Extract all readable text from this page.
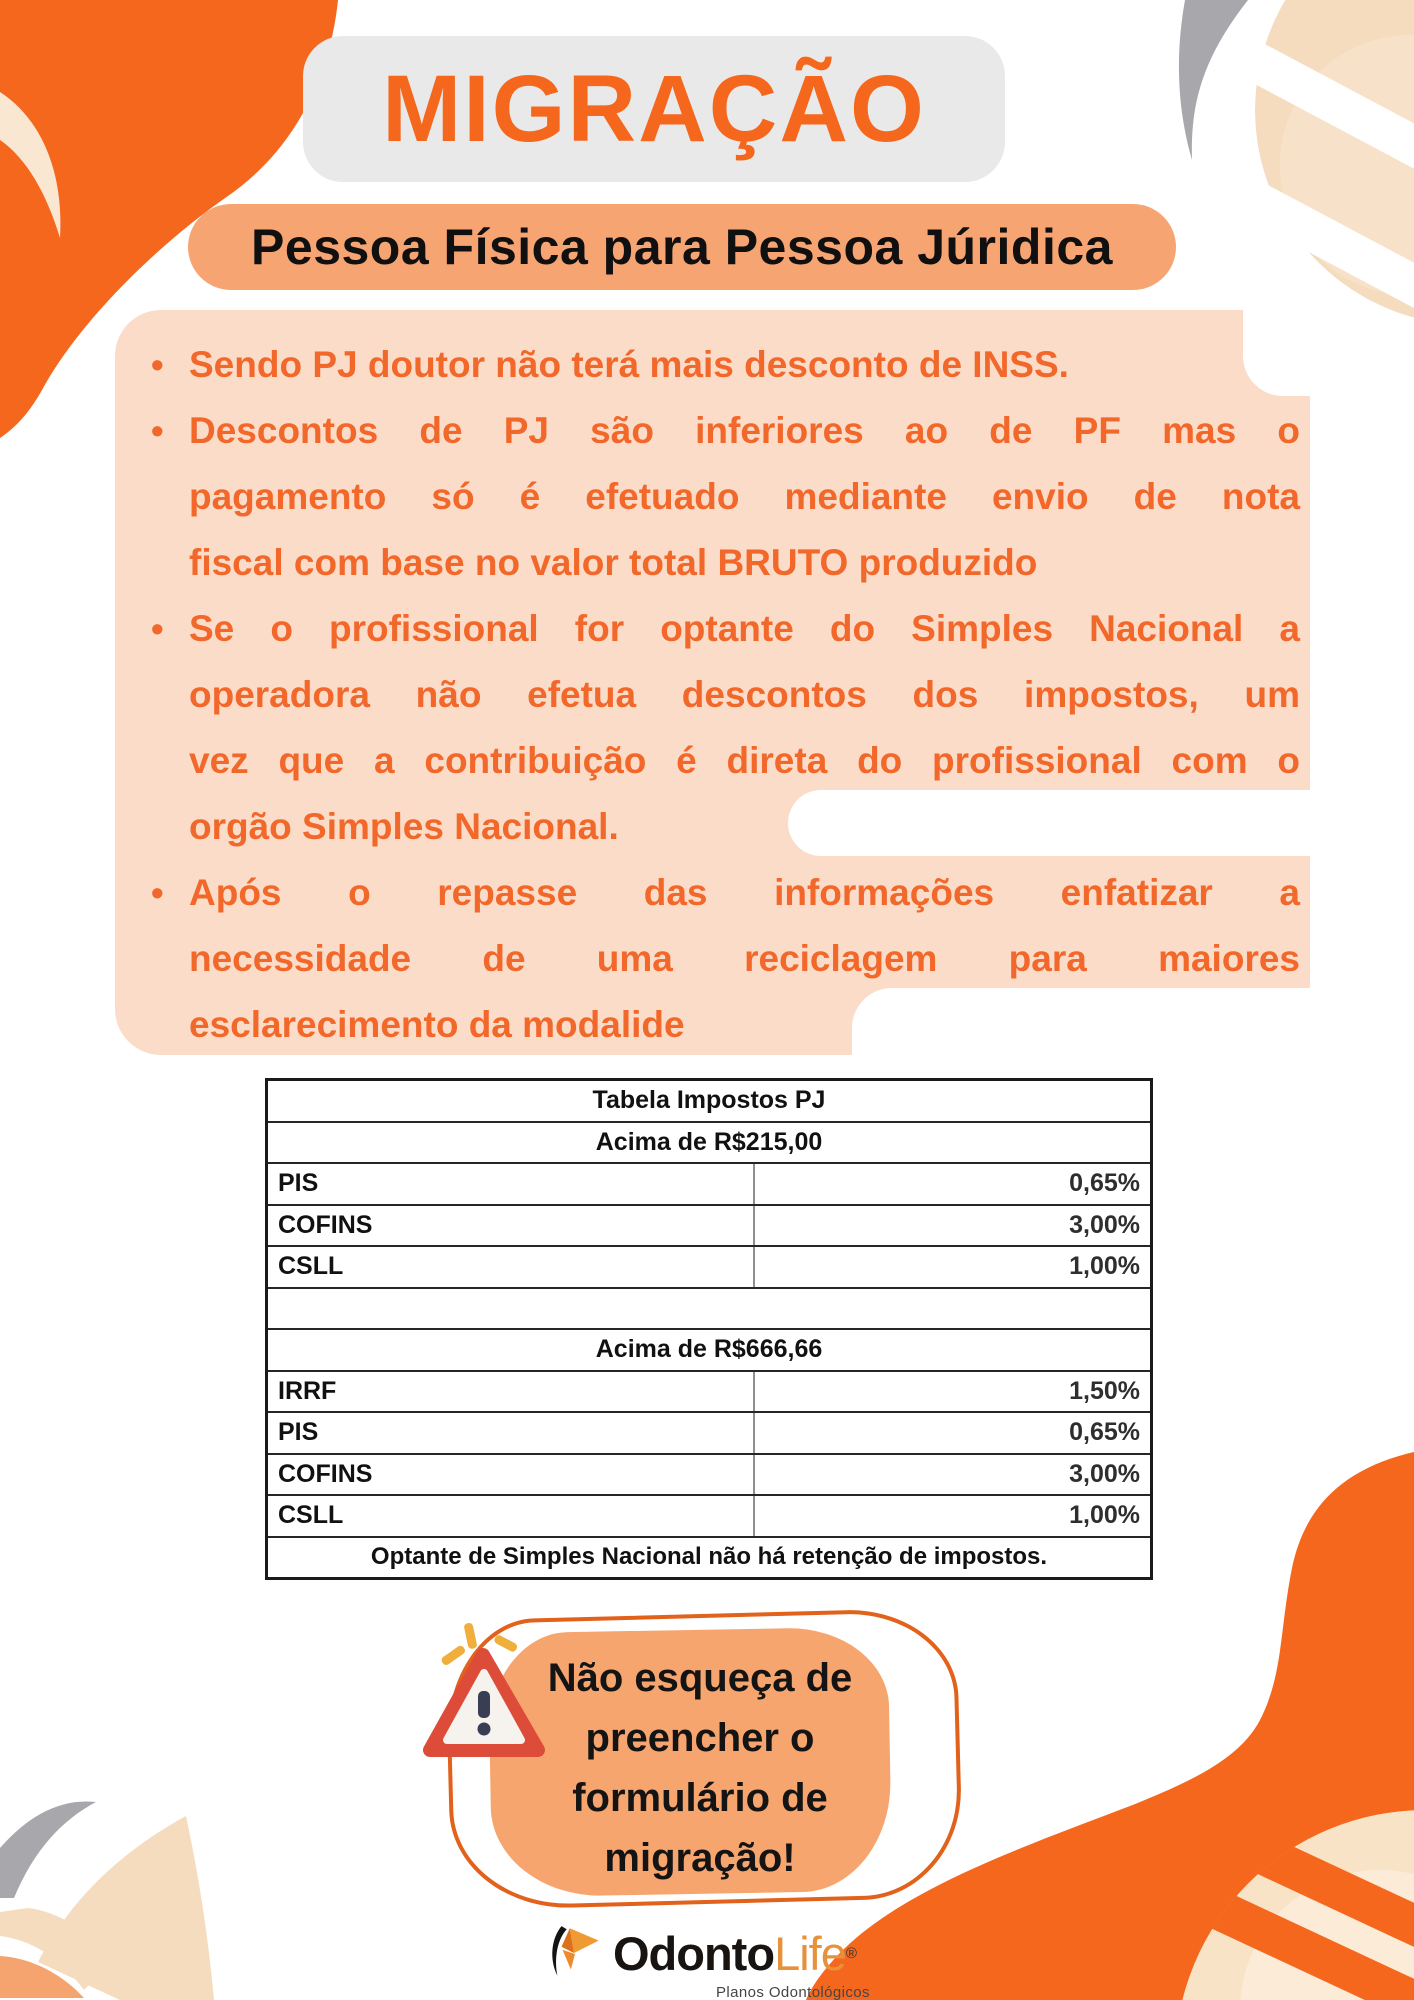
MIGRAÇÃO
Pessoa Física para Pessoa Júridica
• Sendo PJ doutor não terá mais desconto de INSS.
• Descontos de PJ são inferiores ao de PF mas o
pagamento só é efetuado mediante envio de nota
fiscal com base no valor total BRUTO produzido
• Se o profissional for optante do Simples Nacional a
operadora não efetua descontos dos impostos, um
vez que a contribuição é direta do profissional com o
orgão Simples Nacional.
• Após o repasse das informações enfatizar a
necessidade de uma reciclagem para maiores
esclarecimento da modalide
Tabela Impostos PJ
Acima de R$215,00
PIS	0,65%
COFINS	3,00%
CSLL	1,00%
Acima de R$666,66
IRRF	1,50%
PIS	0,65%
COFINS	3,00%
CSLL	1,00%
Optante de Simples Nacional não há retenção de impostos.
Não esqueça de
preencher o
formulário de
migração!
Odonto Life ®
Planos Odontológicos
